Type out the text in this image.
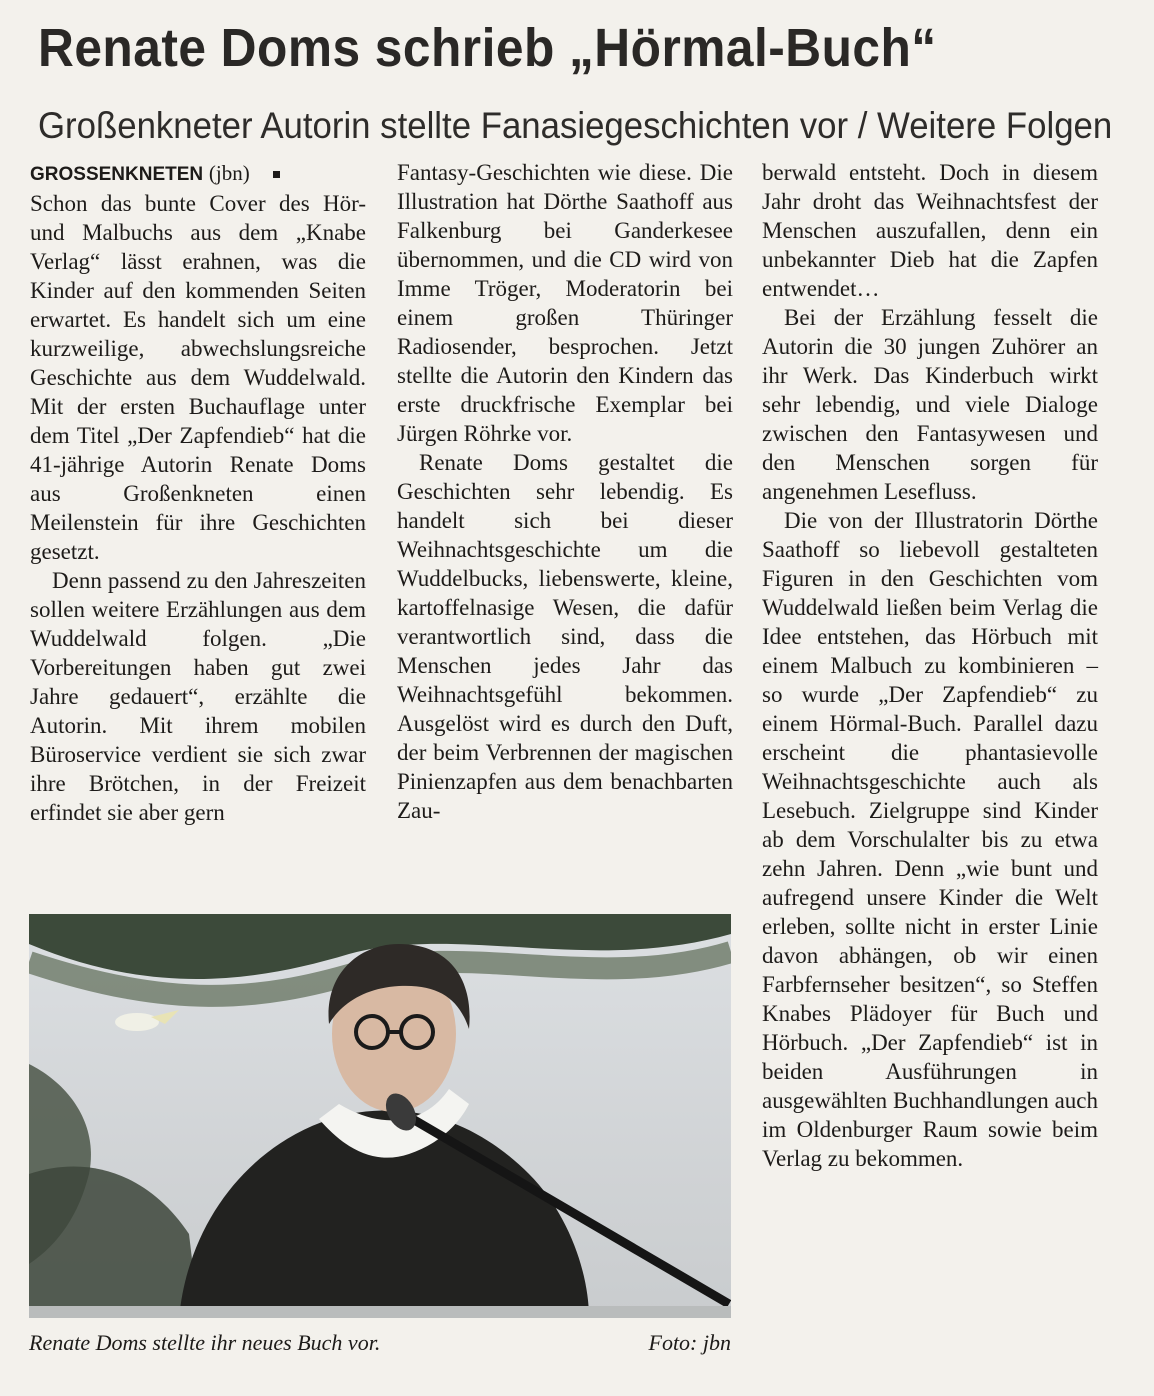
Renate Doms schrieb „Hörmal-Buch“
Großenkneter Autorin stellte Fanasiegeschichten vor / Weitere Folgen

GROSSENKNETEN (jbn)
Schon das bunte Cover des Hör- und Malbuchs aus dem „Knabe Verlag“ lässt erahnen, was die Kinder auf den kommenden Seiten erwartet. Es handelt sich um eine kurzweilige, abwechslungsreiche Geschichte aus dem Wuddelwald. Mit der ersten Buchauflage unter dem Titel „Der Zapfendieb“ hat die 41-jährige Autorin Renate Doms aus Großenkneten einen Meilenstein für ihre Geschichten gesetzt.

Denn passend zu den Jahreszeiten sollen weitere Erzählungen aus dem Wuddelwald folgen. „Die Vorbereitungen haben gut zwei Jahre gedauert“, erzählte die Autorin. Mit ihrem mobilen Büroservice verdient sie sich zwar ihre Brötchen, in der Freizeit erfindet sie aber gern

Fantasy-Geschichten wie diese. Die Illustration hat Dörthe Saathoff aus Falkenburg bei Ganderkesee übernommen, und die CD wird von Imme Tröger, Moderatorin bei einem großen Thüringer Radiosender, besprochen. Jetzt stellte die Autorin den Kindern das erste druckfrische Exemplar bei Jürgen Röhrke vor.

Renate Doms gestaltet die Geschichten sehr lebendig. Es handelt sich bei dieser Weihnachtsgeschichte um die Wuddelbucks, liebenswerte, kleine, kartoffelnasige Wesen, die dafür verantwortlich sind, dass die Menschen jedes Jahr das Weihnachtsgefühl bekommen. Ausgelöst wird es durch den Duft, der beim Verbrennen der magischen Pinienzapfen aus dem benachbarten Zau-

berwald entsteht. Doch in diesem Jahr droht das Weihnachtsfest der Menschen auszufallen, denn ein unbekannter Dieb hat die Zapfen entwendet…

Bei der Erzählung fesselt die Autorin die 30 jungen Zuhörer an ihr Werk. Das Kinderbuch wirkt sehr lebendig, und viele Dialoge zwischen den Fantasywesen und den Menschen sorgen für angenehmen Lesefluss.

Die von der Illustratorin Dörthe Saathoff so liebevoll gestalteten Figuren in den Geschichten vom Wuddelwald ließen beim Verlag die Idee entstehen, das Hörbuch mit einem Malbuch zu kombinieren – so wurde „Der Zapfendieb“ zu einem Hörmal-Buch. Parallel dazu erscheint die phantasievolle Weihnachtsgeschichte auch als Lesebuch. Zielgruppe sind Kinder ab dem Vorschulalter bis zu etwa zehn Jahren. Denn „wie bunt und aufregend unsere Kinder die Welt erleben, sollte nicht in erster Linie davon abhängen, ob wir einen Farbfernseher besitzen“, so Steffen Knabes Plädoyer für Buch und Hörbuch. „Der Zapfendieb“ ist in beiden Ausführungen in ausgewählten Buchhandlungen auch im Oldenburger Raum sowie beim Verlag zu bekommen.

Renate Doms stellte ihr neues Buch vor.	Foto: jbn
